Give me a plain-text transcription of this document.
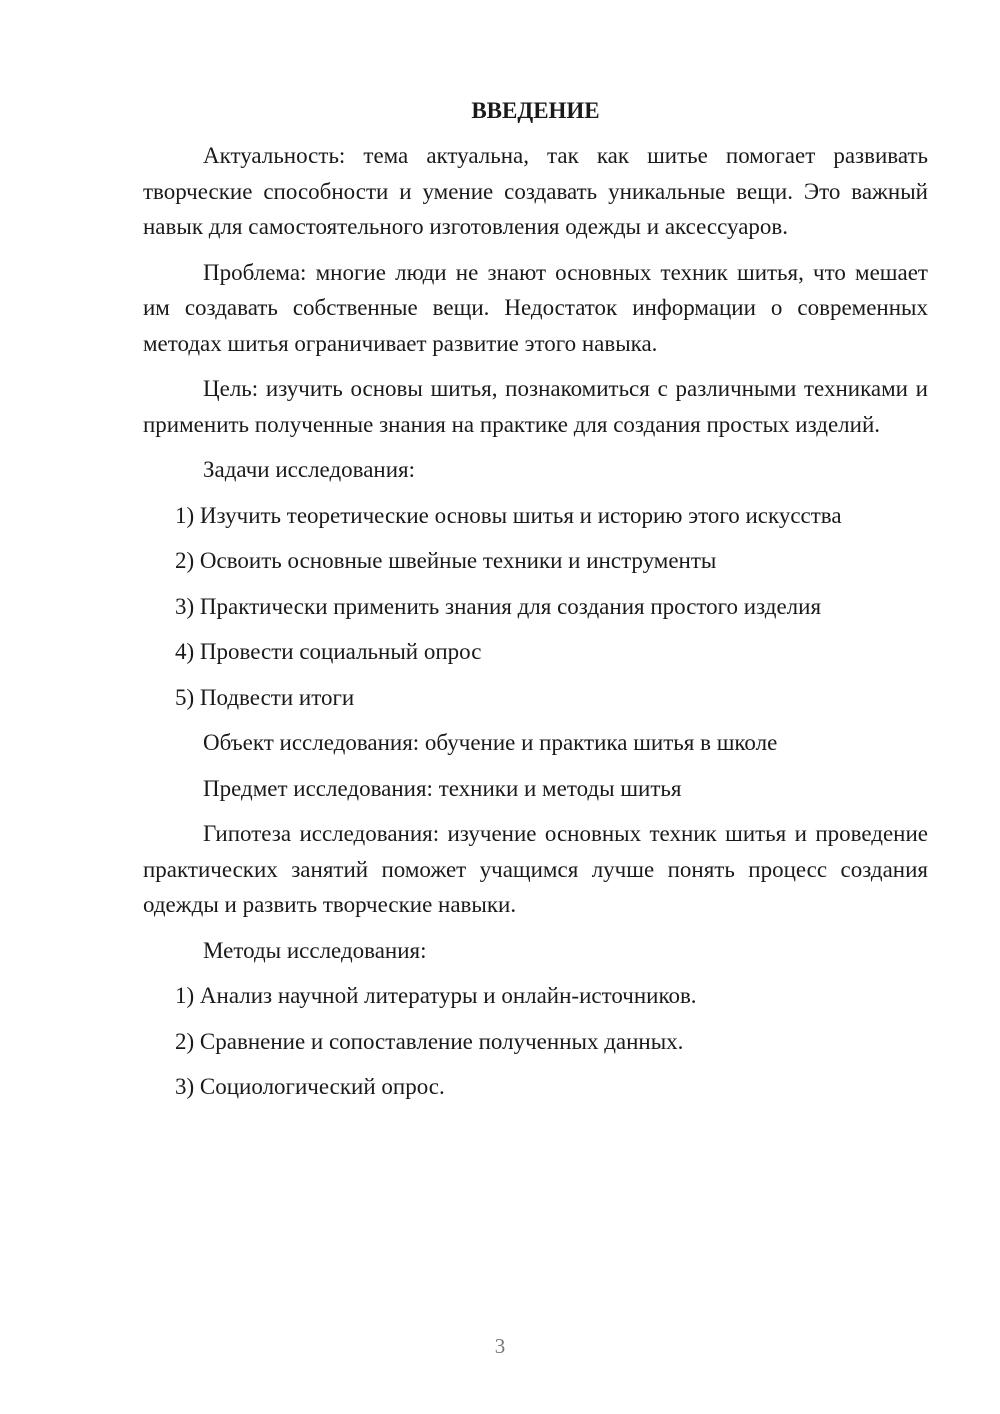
ВВЕДЕНИЕ
Актуальность: тема актуальна, так как шитье помогает развивать творческие способности и умение создавать уникальные вещи. Это важный навык для самостоятельного изготовления одежды и аксессуаров.
Проблема: многие люди не знают основных техник шитья, что мешает им создавать собственные вещи. Недостаток информации о современных методах шитья ограничивает развитие этого навыка.
Цель: изучить основы шитья, познакомиться с различными техниками и применить полученные знания на практике для создания простых изделий.
Задачи исследования:
1) Изучить теоретические основы шитья и историю этого искусства
2) Освоить основные швейные техники и инструменты
3) Практически применить знания для создания простого изделия
4) Провести социальный опрос
5) Подвести итоги
Объект исследования: обучение и практика шитья в школе
Предмет исследования: техники и методы шитья
Гипотеза исследования: изучение основных техник шитья и проведение практических занятий поможет учащимся лучше понять процесс создания одежды и развить творческие навыки.
Методы исследования:
1) Анализ научной литературы и онлайн-источников.
2) Сравнение и сопоставление полученных данных.
3) Социологический опрос.
3
